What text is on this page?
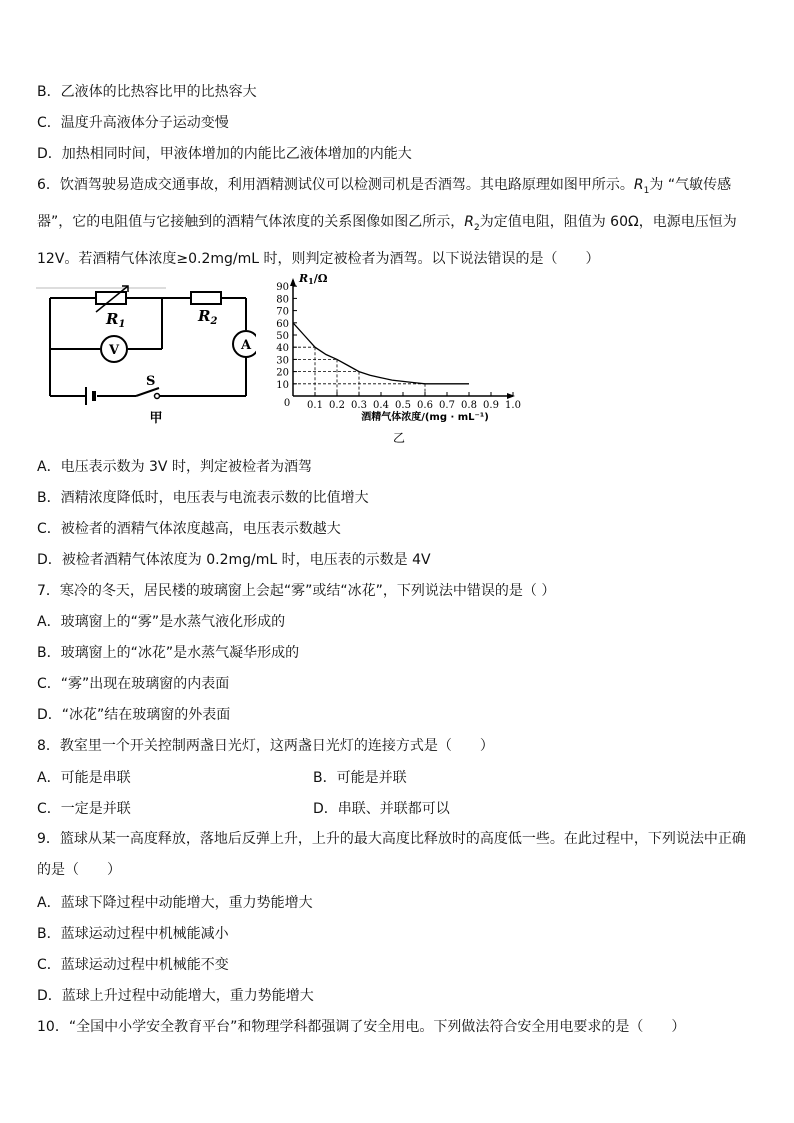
B．乙液体的比热容比甲的比热容大
C．温度升高液体分子运动变慢
D．加热相同时间，甲液体增加的内能比乙液体增加的内能大
6．饮酒驾驶易造成交通事故，利用酒精测试仪可以检测司机是否酒驾。其电路原理如图甲所示。$R_1$为 “气敏传感器”，它的电阻值与它接触到的酒精气体浓度的关系图像如图乙所示，$R_2$为定值电阻，阻值为 60Ω，电源电压恒为 12V。若酒精气体浓度≥0.2mg/mL 时，则判定被检者为酒驾。以下说法错误的是（　　）
$R_1$	$R_2$
V	A
S
甲
0.1 0.2 0.3 0.4 0.5 0.6 0.7 0.8 0.9 1.0
10
20
30
40
50
60
70
80
90
0
R1/Ω
酒精气体浓度/(mg · mL⁻¹)
乙
A．电压表示数为 3V 时，判定被检者为酒驾
B．酒精浓度降低时，电压表与电流表示数的比值增大
C．被检者的酒精气体浓度越高，电压表示数越大
D．被检者酒精气体浓度为 0.2mg/mL 时，电压表的示数是 4V
7．寒冷的冬天，居民楼的玻璃窗上会起“雾”或结“冰花”，下列说法中错误的是（ ）
A．玻璃窗上的“雾”是水蒸气液化形成的
B．玻璃窗上的“冰花”是水蒸气凝华形成的
C．“雾”出现在玻璃窗的内表面
D．“冰花”结在玻璃窗的外表面
8．教室里一个开关控制两盏日光灯，这两盏日光灯的连接方式是（　　）
A．可能是串联	B．可能是并联
C．一定是并联	D．串联、并联都可以
9．篮球从某一高度释放，落地后反弹上升，上升的最大高度比释放时的高度低一些。在此过程中，下列说法中正确的是（　　）
A．蓝球下降过程中动能增大，重力势能增大
B．蓝球运动过程中机械能减小
C．蓝球运动过程中机械能不变
D．蓝球上升过程中动能增大，重力势能增大
10．“全国中小学安全教育平台”和物理学科都强调了安全用电。下列做法符合安全用电要求的是（　　）
